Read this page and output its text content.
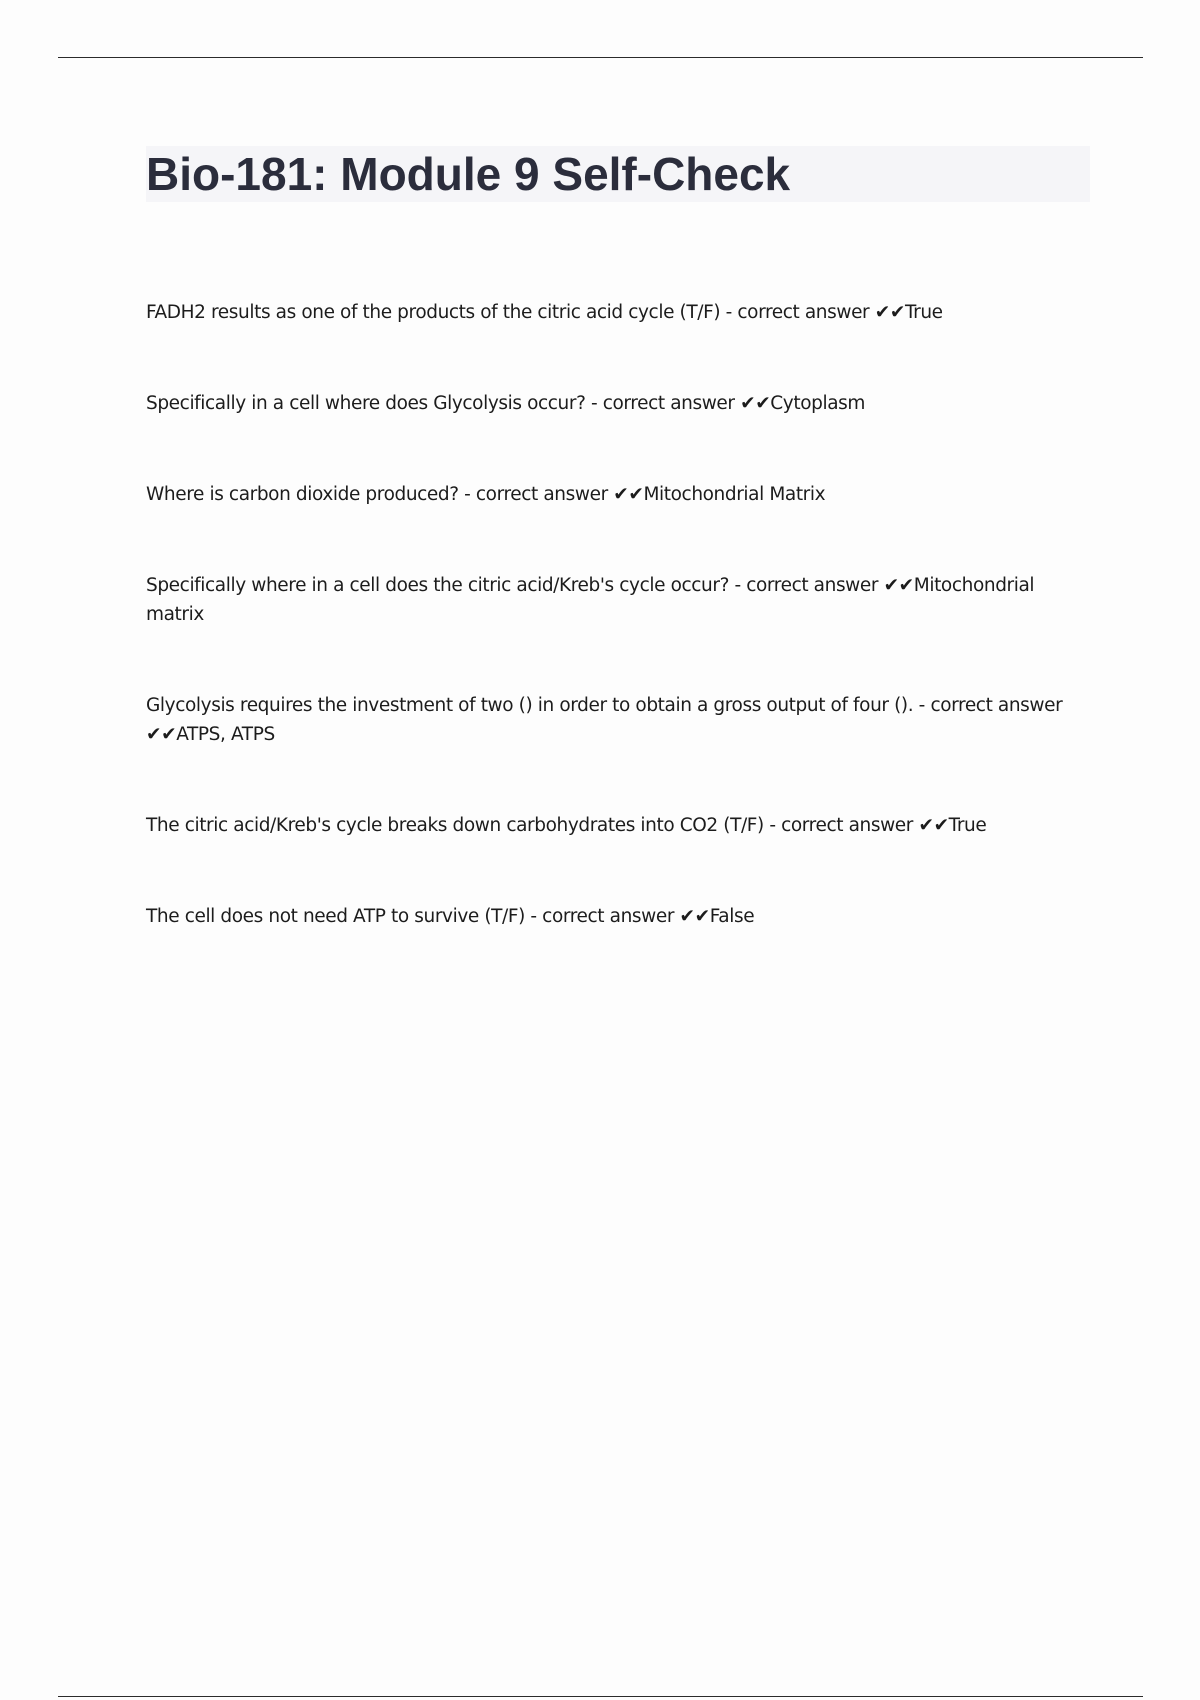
Bio-181: Module 9 Self-Check

FADH2 results as one of the products of the citric acid cycle (T/F) - correct answer ✔✔True

Specifically in a cell where does Glycolysis occur? - correct answer ✔✔Cytoplasm

Where is carbon dioxide produced? - correct answer ✔✔Mitochondrial Matrix

Specifically where in a cell does the citric acid/Kreb's cycle occur? - correct answer ✔✔Mitochondrial matrix

Glycolysis requires the investment of two () in order to obtain a gross output of four (). - correct answer ✔✔ATPS, ATPS

The citric acid/Kreb's cycle breaks down carbohydrates into CO2 (T/F) - correct answer ✔✔True

The cell does not need ATP to survive (T/F) - correct answer ✔✔False
